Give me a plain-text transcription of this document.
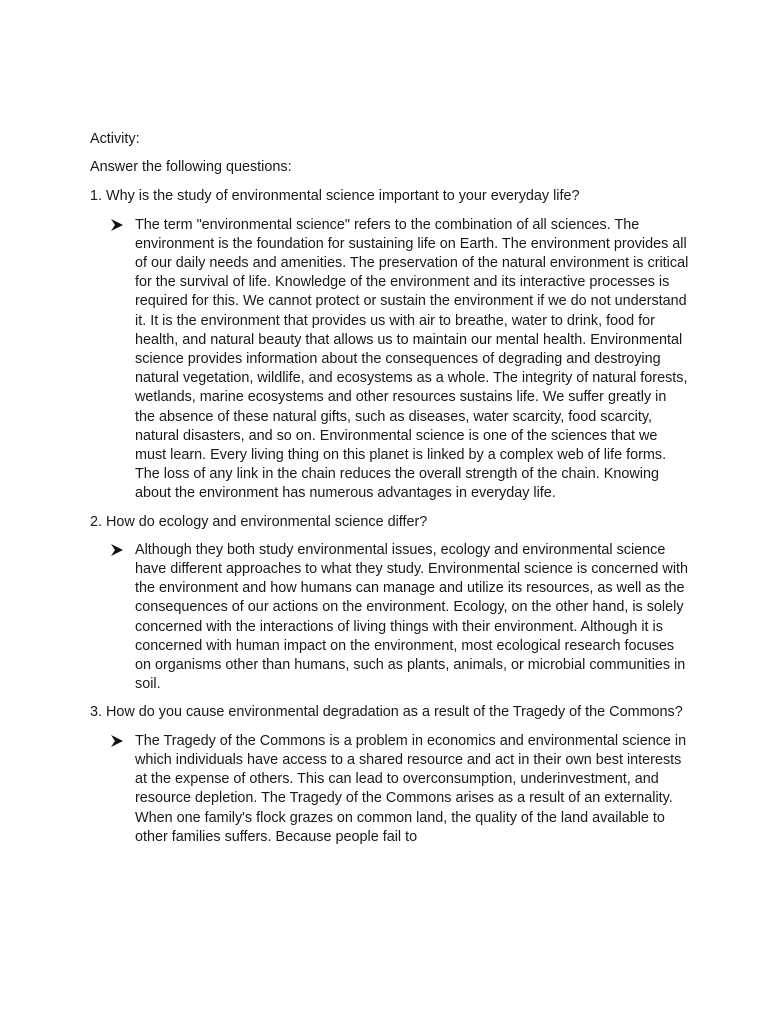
Activity:

Answer the following questions:

1. Why is the study of environmental science important to your everyday life?

The term "environmental science" refers to the combination of all sciences. The environment is the foundation for sustaining life on Earth. The environment provides all of our daily needs and amenities. The preservation of the natural environment is critical for the survival of life. Knowledge of the environment and its interactive processes is required for this. We cannot protect or sustain the environment if we do not understand it. It is the environment that provides us with air to breathe, water to drink, food for health, and natural beauty that allows us to maintain our mental health. Environmental science provides information about the consequences of degrading and destroying natural vegetation, wildlife, and ecosystems as a whole. The integrity of natural forests, wetlands, marine ecosystems and other resources sustains life. We suffer greatly in the absence of these natural gifts, such as diseases, water scarcity, food scarcity, natural disasters, and so on. Environmental science is one of the sciences that we must learn. Every living thing on this planet is linked by a complex web of life forms. The loss of any link in the chain reduces the overall strength of the chain. Knowing about the environment has numerous advantages in everyday life.

2. How do ecology and environmental science differ?

Although they both study environmental issues, ecology and environmental science have different approaches to what they study. Environmental science is concerned with the environment and how humans can manage and utilize its resources, as well as the consequences of our actions on the environment. Ecology, on the other hand, is solely concerned with the interactions of living things with their environment. Although it is concerned with human impact on the environment, most ecological research focuses on organisms other than humans, such as plants, animals, or microbial communities in soil.

3. How do you cause environmental degradation as a result of the Tragedy of the Commons?

The Tragedy of the Commons is a problem in economics and environmental science in which individuals have access to a shared resource and act in their own best interests at the expense of others. This can lead to overconsumption, underinvestment, and resource depletion. The Tragedy of the Commons arises as a result of an externality. When one family's flock grazes on common land, the quality of the land available to other families suffers. Because people fail to
